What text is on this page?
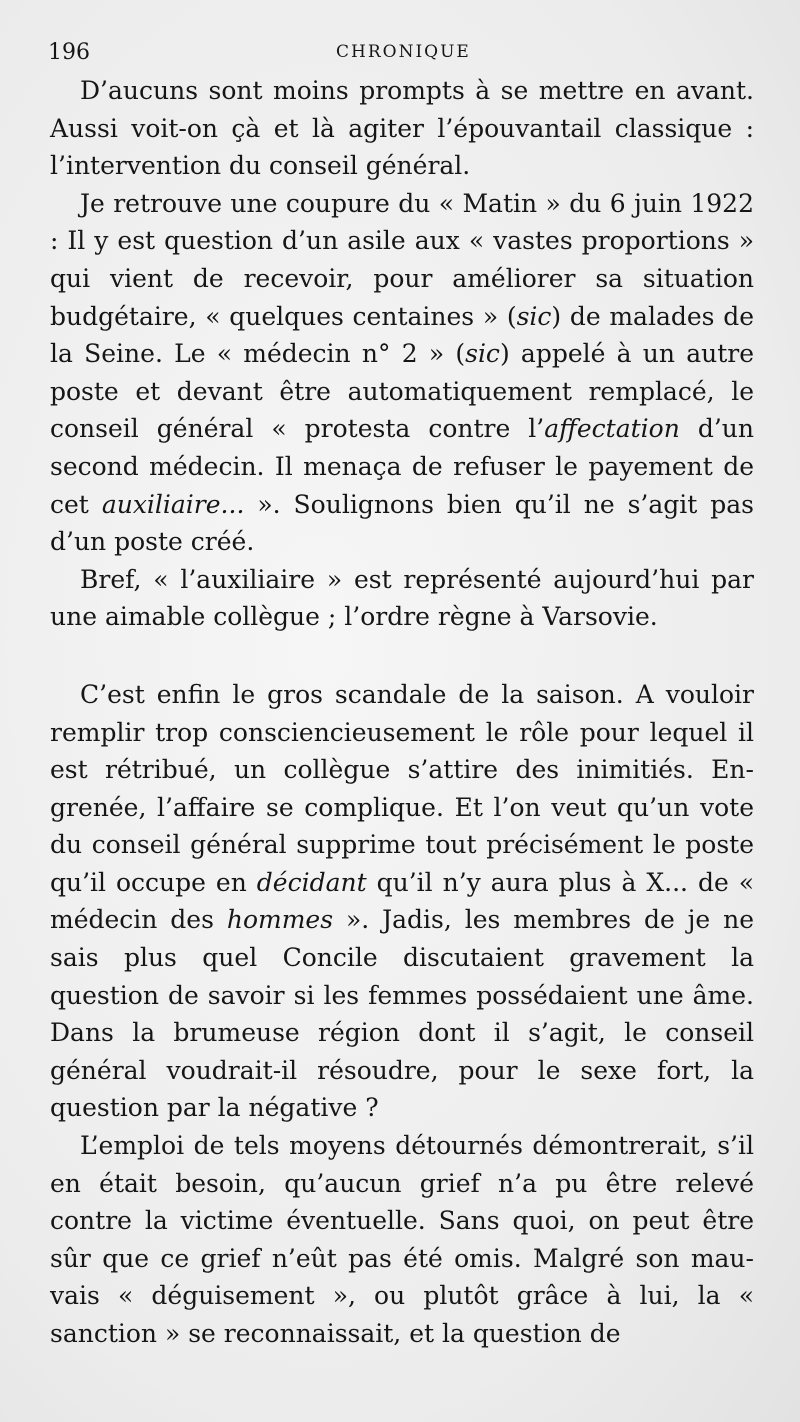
196	CHRONIQUE

D’aucuns sont moins prompts à se mettre en avant. Aussi voit-on çà et là agiter l’épouvantail classique : l’intervention du conseil général.

Je retrouve une coupure du « Matin » du 6 juin 1922 : Il y est question d’un asile aux « vastes proportions » qui vient de recevoir, pour améliorer sa situation budgétaire, « quelques centaines » (sic) de malades de la Seine. Le « médecin n° 2 » (sic) appelé à un autre poste et devant être automatiquement remplacé, le conseil général « protesta contre l’affectation d’un second médecin. Il menaça de refuser le payement de cet auxiliaire... ». Soulignons bien qu’il ne s’agit pas d’un poste créé.

Bref, « l’auxiliaire » est représenté aujourd’hui par une aimable collègue ; l’ordre règne à Varsovie.

C’est enfin le gros scandale de la saison. A vouloir remplir trop consciencieusement le rôle pour lequel il est rétribué, un collègue s’attire des inimitiés. Engrenée, l’affaire se complique. Et l’on veut qu’un vote du conseil général supprime tout précisément le poste qu’il occupe en décidant qu’il n’y aura plus à X... de « médecin des hommes ». Jadis, les membres de je ne sais plus quel Concile discutaient gravement la question de savoir si les femmes possédaient une âme. Dans la brumeuse région dont il s’agit, le conseil général voudrait-il résoudre, pour le sexe fort, la question par la négative ?

L’emploi de tels moyens détournés démontrerait, s’il en était besoin, qu’aucun grief n’a pu être relevé contre la victime éventuelle. Sans quoi, on peut être sûr que ce grief n’eût pas été omis. Malgré son mauvais « déguisement », ou plutôt grâce à lui, la « sanction » se reconnaissait, et la question de
